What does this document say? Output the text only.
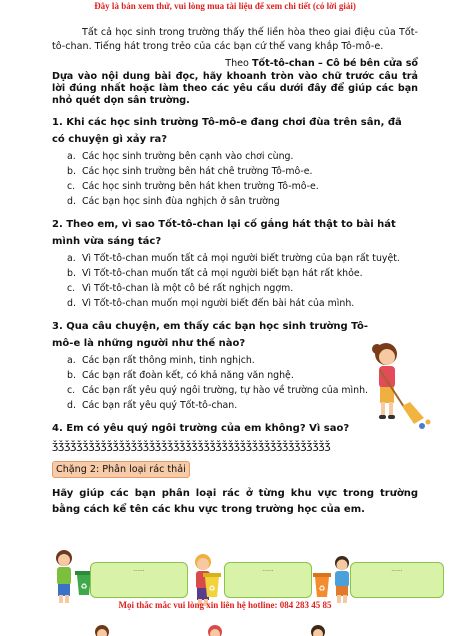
Đây là bản xem thử, vui lòng mua tài liệu để xem chi tiết (có lời giải)

Tất cả học sinh trong trường thấy thế liền hòa theo giai điệu của Tốt-tô-chan. Tiếng hát trong trẻo của các bạn cứ thế vang khắp Tô-mô-e.

Theo Tốt-tô-chan – Cô bé bên cửa sổ

Dựa vào nội dung bài đọc, hãy khoanh tròn vào chữ trước câu trả lời đúng nhất hoặc làm theo các yêu cầu dưới đây để giúp các bạn nhỏ quét dọn sân trường.

1. Khi các học sinh trường Tô-mô-e đang chơi đùa trên sân, đã có chuyện gì xảy ra?

a. Các học sinh trường bên cạnh vào chơi cùng.
b. Các học sinh trường bên hát chê trường Tô-mô-e.
c. Các học sinh trường bên hát khen trường Tô-mô-e.
d. Các bạn học sinh đùa nghịch ở sân trường

2. Theo em, vì sao Tốt-tô-chan lại cố gắng hát thật to bài hát mình vừa sáng tác?

a. Vì Tốt-tô-chan muốn tất cả mọi người biết trường của bạn rất tuyệt.
b. Vì Tốt-tô-chan muốn tất cả mọi người biết bạn hát rất khỏe.
c. Vì Tốt-tô-chan là một cô bé rất nghịch ngợm.
d. Vì Tốt-tô-chan muốn mọi người biết đến bài hát của mình.

3. Qua câu chuyện, em thấy các bạn học sinh trường Tô-mô-e là những người như thế nào?

a. Các bạn rất thông minh, tinh nghịch.
b. Các bạn rất đoàn kết, có khả năng văn nghệ.
c. Các bạn rất yêu quý ngôi trường, tự hào về trường của mình.
d. Các bạn rất yêu quý Tốt-tô-chan.

4. Em có yêu quý ngôi trường của em không? Vì sao?

ǯǯǯǯǯǯǯǯǯǯǯǯǯǯǯǯǯǯǯǯǯǯǯǯǯǯǯǯǯǯǯǯǯǯǯǯǯǯǯǯǯǯǯǯǯǯ

Chặng 2: Phân loại rác thải

Hãy giúp các bạn phân loại rác ở từng khu vực trong trường bằng cách kể tên các khu vực trong trường học của em.

♻
......
♻
......
♻
......
Mọi thắc mắc vui lòng xin liên hệ hotline: 084 283 45 85
